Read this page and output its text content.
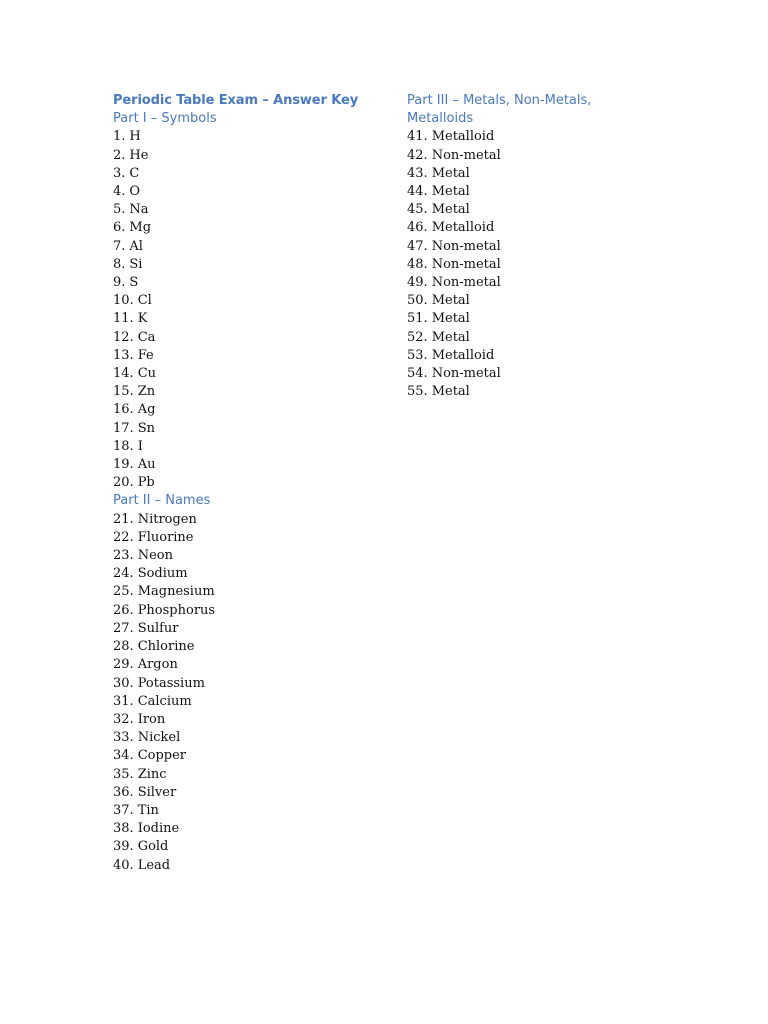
Periodic Table Exam – Answer Key
Part I – Symbols
1. H
2. He
3. C
4. O
5. Na
6. Mg
7. Al
8. Si
9. S
10. Cl
11. K
12. Ca
13. Fe
14. Cu
15. Zn
16. Ag
17. Sn
18. I
19. Au
20. Pb
Part II – Names
21. Nitrogen
22. Fluorine
23. Neon
24. Sodium
25. Magnesium
26. Phosphorus
27. Sulfur
28. Chlorine
29. Argon
30. Potassium
31. Calcium
32. Iron
33. Nickel
34. Copper
35. Zinc
36. Silver
37. Tin
38. Iodine
39. Gold
40. Lead
Part III – Metals, Non-Metals,
Metalloids
41. Metalloid
42. Non-metal
43. Metal
44. Metal
45. Metal
46. Metalloid
47. Non-metal
48. Non-metal
49. Non-metal
50. Metal
51. Metal
52. Metal
53. Metalloid
54. Non-metal
55. Metal
